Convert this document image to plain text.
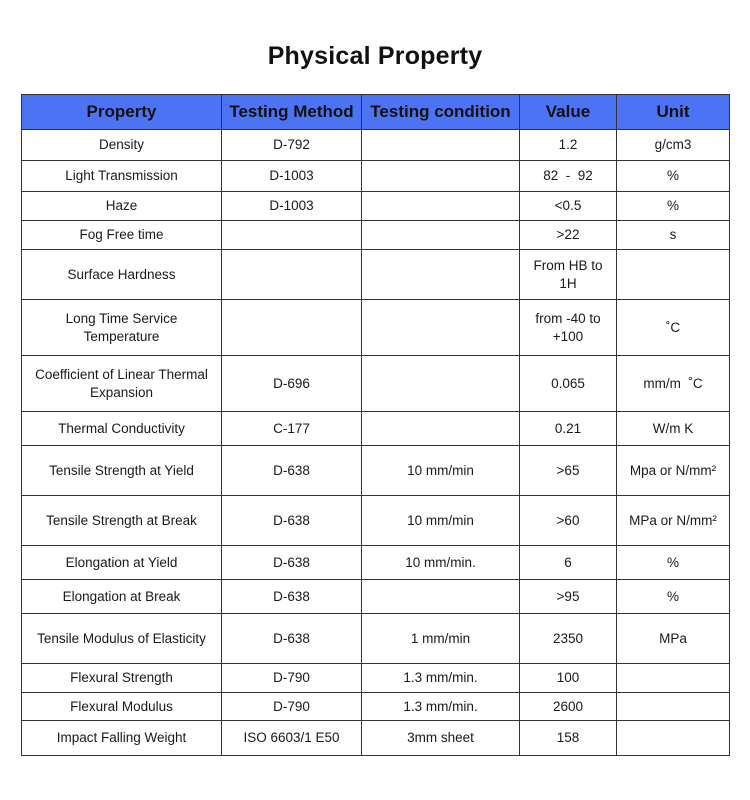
Physical Property
Property	Testing Method	Testing condition	Value	Unit
Density	D-792		1.2	g/cm3
Light Transmission	D-1003		82  -  92	%
Haze	D-1003		<0.5	%
Fog Free time			>22	s
Surface Hardness			From HB to 1H	
Long Time Service Temperature			from -40 to +100	˚C
Coefficient of Linear Thermal Expansion	D-696		0.065	mm/m  ˚C
Thermal Conductivity	C-177		0.21	W/m K
Tensile Strength at Yield	D-638	10 mm/min	>65	Mpa or N/mm²
Tensile Strength at Break	D-638	10 mm/min	>60	MPa or N/mm²
Elongation at Yield	D-638	10 mm/min.	6	%
Elongation at Break	D-638		>95	%
Tensile Modulus of Elasticity	D-638	1 mm/min	2350	MPa
Flexural Strength	D-790	1.3 mm/min.	100	
Flexural Modulus	D-790	1.3 mm/min.	2600	
Impact Falling Weight	ISO 6603/1 E50	3mm sheet	158	
